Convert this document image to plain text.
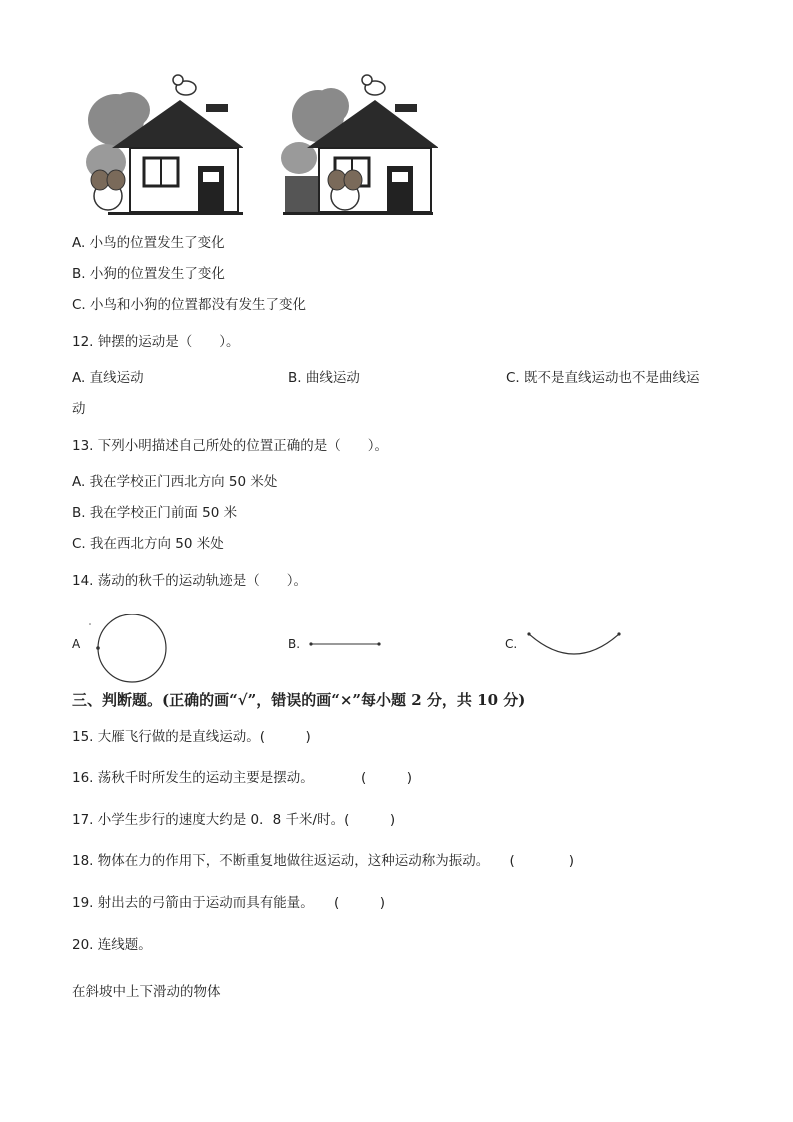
A. 小鸟的位置发生了变化
B. 小狗的位置发生了变化
C. 小鸟和小狗的位置都没有发生了变化
12. 钟摆的运动是（　　）。
A. 直线运动	B. 曲线运动	C. 既不是直线运动也不是曲线运
动
13. 下列小明描述自己所处的位置正确的是（　　）。
A. 我在学校正门西北方向 50 米处
B. 我在学校正门前面 50 米
C. 我在西北方向 50 米处
14. 荡动的秋千的运动轨迹是（　　）。
A	B.	C.
三、判断题。(正确的画“√”，错误的画“×”每小题 2 分，共 10 分)
15. 大雁飞行做的是直线运动。(　　　)
16. 荡秋千时所发生的运动主要是摆动。　　　　(　　　)
17. 小学生步行的速度大约是 0．8 千米/时。(　　　)
18. 物体在力的作用下，不断重复地做往返运动，这种运动称为振动。　　(　　　　)
19. 射出去的弓箭由于运动而具有能量。　　(　　　)
20. 连线题。
在斜坡中上下滑动的物体
